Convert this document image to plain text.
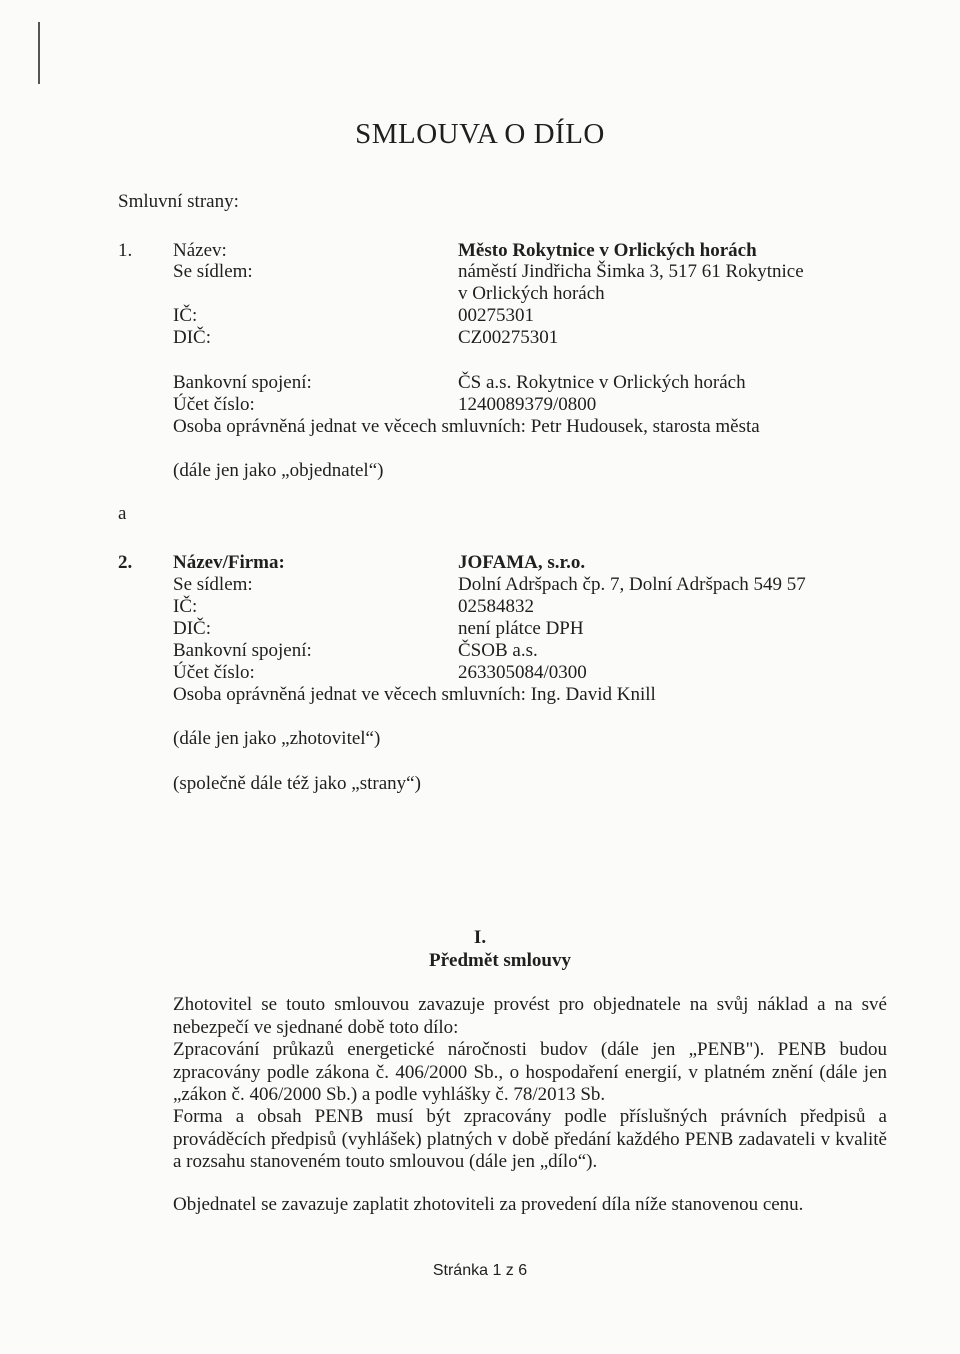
SMLOUVA O DÍLO
Smluvní strany:
1. Název:	Město Rokytnice v Orlických horách
Se sídlem:	náměstí Jindřicha Šimka 3, 517 61 Rokytnice
v Orlických horách
IČ:	00275301
DIČ:	CZ00275301
Bankovní spojení:	ČS a.s. Rokytnice v Orlických horách
Účet číslo:	1240089379/0800
Osoba oprávněná jednat ve věcech smluvních: Petr Hudousek, starosta města
(dále jen jako „objednatel“)
a
2. Název/Firma:	JOFAMA, s.r.o.
Se sídlem:	Dolní Adršpach čp. 7, Dolní Adršpach 549 57
IČ:	02584832
DIČ:	není plátce DPH
Bankovní spojení:	ČSOB a.s.
Účet číslo:	263305084/0300
Osoba oprávněná jednat ve věcech smluvních: Ing. David Knill
(dále jen jako „zhotovitel“)
(společně dále též jako „strany“)
I.
Předmět smlouvy
Zhotovitel se touto smlouvou zavazuje provést pro objednatele na svůj náklad a na své nebezpečí ve sjednané době toto dílo:
Zpracování průkazů energetické náročnosti budov (dále jen „PENB"). PENB budou zpracovány podle zákona č. 406/2000 Sb., o hospodaření energií, v platném znění (dále jen „zákon č. 406/2000 Sb.) a podle vyhlášky č. 78/2013 Sb.
Forma a obsah PENB musí být zpracovány podle příslušných právních předpisů a prováděcích předpisů (vyhlášek) platných v době předání každého PENB zadavateli v kvalitě a rozsahu stanoveném touto smlouvou (dále jen „dílo“).
Objednatel se zavazuje zaplatit zhotoviteli za provedení díla níže stanovenou cenu.
Stránka 1 z 6
